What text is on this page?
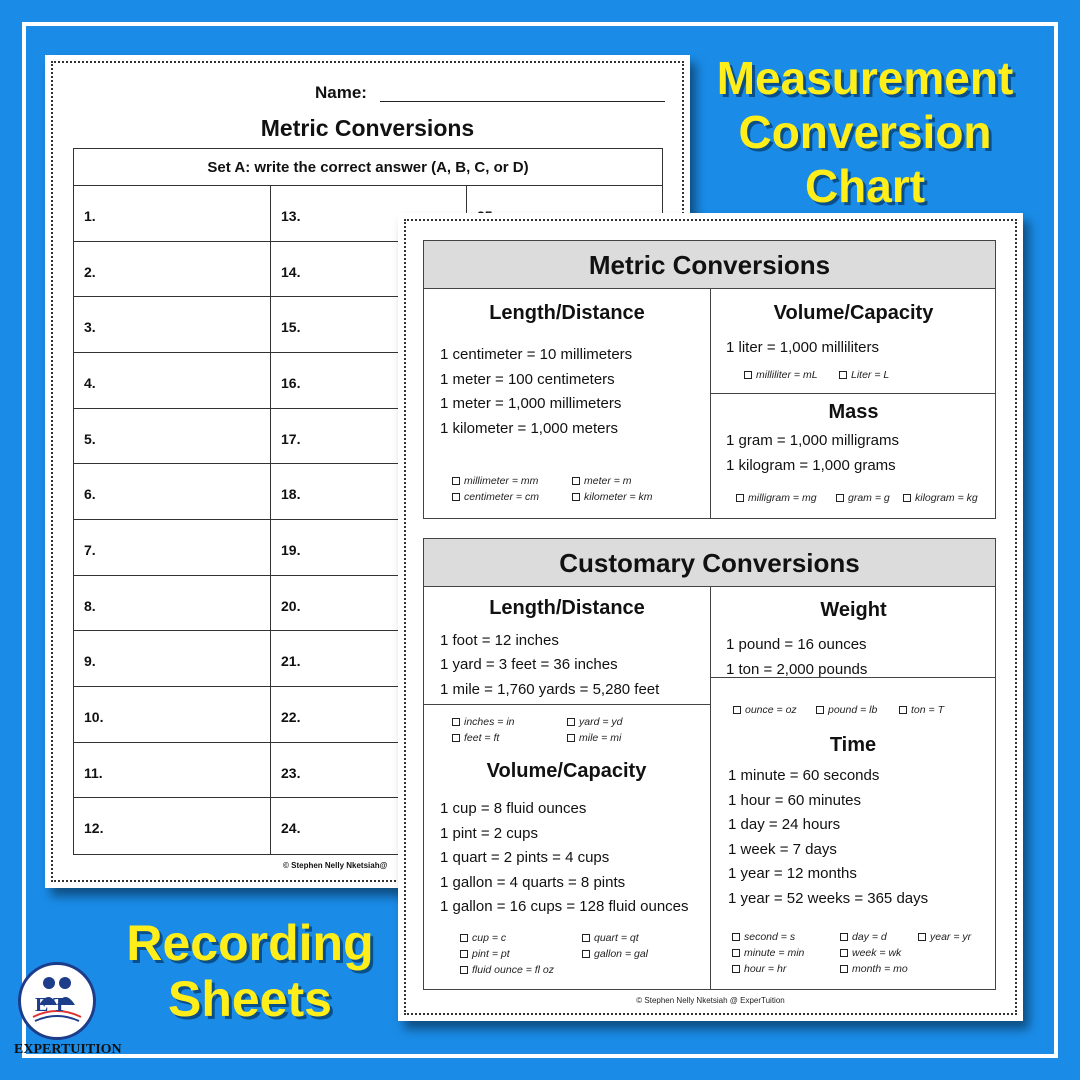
Name:
Metric Conversions
Set A: write the correct answer (A, B, C, or D)
1.
2.
3.
4.
5.
6.
7.
8.
9.
10.
11.
12.
13.
14.
15.
16.
17.
18.
19.
20.
21.
22.
23.
24.
© Stephen Nelly Nketsiah@
Metric Conversions
Length/Distance
1 centimeter = 10 millimeters
1 meter = 100 centimeters
1 meter = 1,000 millimeters
1 kilometer = 1,000 meters
millimeter = mm	meter = m
centimeter = cm	kilometer = km
Volume/Capacity
1 liter = 1,000 milliliters
milliliter = mL	Liter = L
Mass
1 gram = 1,000 milligrams
1 kilogram = 1,000 grams
milligram = mg	gram = g	kilogram = kg
Customary Conversions
Length/Distance
1 foot = 12 inches
1 yard = 3 feet = 36 inches
1 mile = 1,760 yards = 5,280 feet
Weight
1 pound = 16 ounces
1 ton = 2,000 pounds
inches = in	yard = yd
feet = ft	mile = mi
ounce = oz	pound = lb	ton = T
Volume/Capacity
1 cup = 8 fluid ounces
1 pint = 2 cups
1 quart = 2 pints = 4 cups
1 gallon = 4 quarts = 8 pints
1 gallon = 16 cups = 128 fluid ounces
cup = c	quart = qt
pint = pt	gallon = gal
fluid ounce = fl oz
Time
1 minute = 60 seconds
1 hour = 60 minutes
1 day = 24 hours
1 week = 7 days
1 year = 12 months
1 year = 52 weeks = 365 days
second = s	day = d	year = yr
minute = min	week = wk
hour = hr	month = mo
© Stephen Nelly Nketsiah @ ExperTuition
Measurement
Conversion
Chart
Recording
Sheets
E T
EXPERTUITION
